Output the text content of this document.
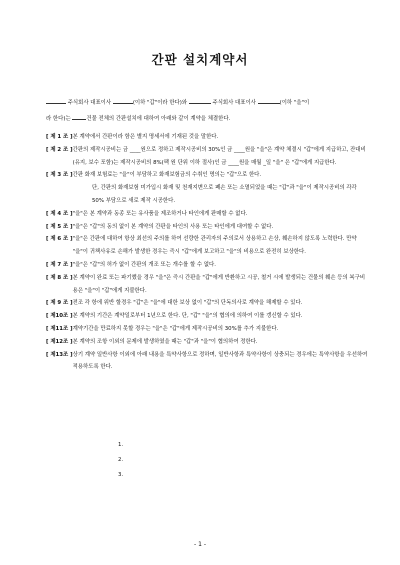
간판 설치계약서
주식회사 대표이사	(이하 "갑"이라 한다)와	주식회사 대표이사	(이하 "을"이
라 한다)는	건물 전체의 간판설치에 대하여 아래와 같이 계약을 체결한다.
[ 제 1 조 ] 본 계약에서 간판이라 함은 별지 명세서에 기재된 것을 말한다.
[ 제 2 조 ] 간판의 제작시공비는 금 ____원으로 정하고 제작시공비의 30%인 금 ____원을 "을"은 계약 체결시 "갑"에게 지급하고, 잔대비(유지, 보수 포함)는 제작시공비의 8%(팩 원 단위 이하 절사)인 금 ____원을 매월 _일 "을" 은 "갑"에게 지급한다.
[ 제 3 조 ] 간판 화재 보험료는 "을"이 부담하고 화재보험금의 수취인 명의는 "갑"으로 한다.
단, 간판의 화재보험 미가입시 화재 및 천재지변으로 폐손 또는 소멸되었을 때는 "갑"과 "을"이 제작시공비의 각각 50% 부담으로 새로 제작 시공한다.
[ 제 4 조 ] "을"은 본 계약과 동종 또는 유사품을 제조하거나 타인에게 판매할 수 없다.
[ 제 5 조 ] "을"은 "갑"의 동의 없이 본 계약의 간판을 타인의 사용 또는 타인에게 대여할 수 없다.
[ 제 6 조 ] "을"은 간판에 대하여 항상 최선의 주의를 하여 선량한 관리자의 주의로서 상용하고 손상, 훼손하지 않도록 노력한다. 만약 "을"이 귀책사유로 손해가 발생한 경우는 즉시 "갑"에게 보고하고 "을"의 비용으로 완전히 보상한다.
[ 제 7 조 ] "을"은 "갑"의 허가 없이 간판의 개조 또는 개수를 할 수 없다.
[ 제 8 조 ] 본 계약이 완료 또는 파기했을 경우 "을"은 즉시 간판을 "갑"에게 반환하고 시공, 철거 시에 발생되는 건물의 훼손 등의 복구비용은 "을"이 "갑"에게 지불한다.
[ 제 9 조 ] 전조 각 항에 위반 할경우 "갑"은 "을"에 대한 보상 없이 "갑"의 단독의사로 계약을 해제할 수 있다.
[ 제10조 ] 본 계약의 기간은 계약일로부터 1년으로 한다. 단, "갑" "을"의 협의에 의하여 이를 갱신할 수 있다.
[ 제11조 ] 계약기간을 만료하지 못할 경우는 "을"은 "갑"에게 제작시공비의 30%를 추가 지불한다.
[ 제12조 ] 본 계약의 조항 이외의 문제에 발생하였을 때는 "갑"과 "을"이 협의하여 정한다.
[ 제13조 ] 상기 계약 일반사항 이외에 아래 내용을 특약사항으로 정하며, 일반사항과 특약사항이 상충되는 경우에는 특약사항을 우선하여 적용하도록 한다.
1.
2.
3.
- 1 -
